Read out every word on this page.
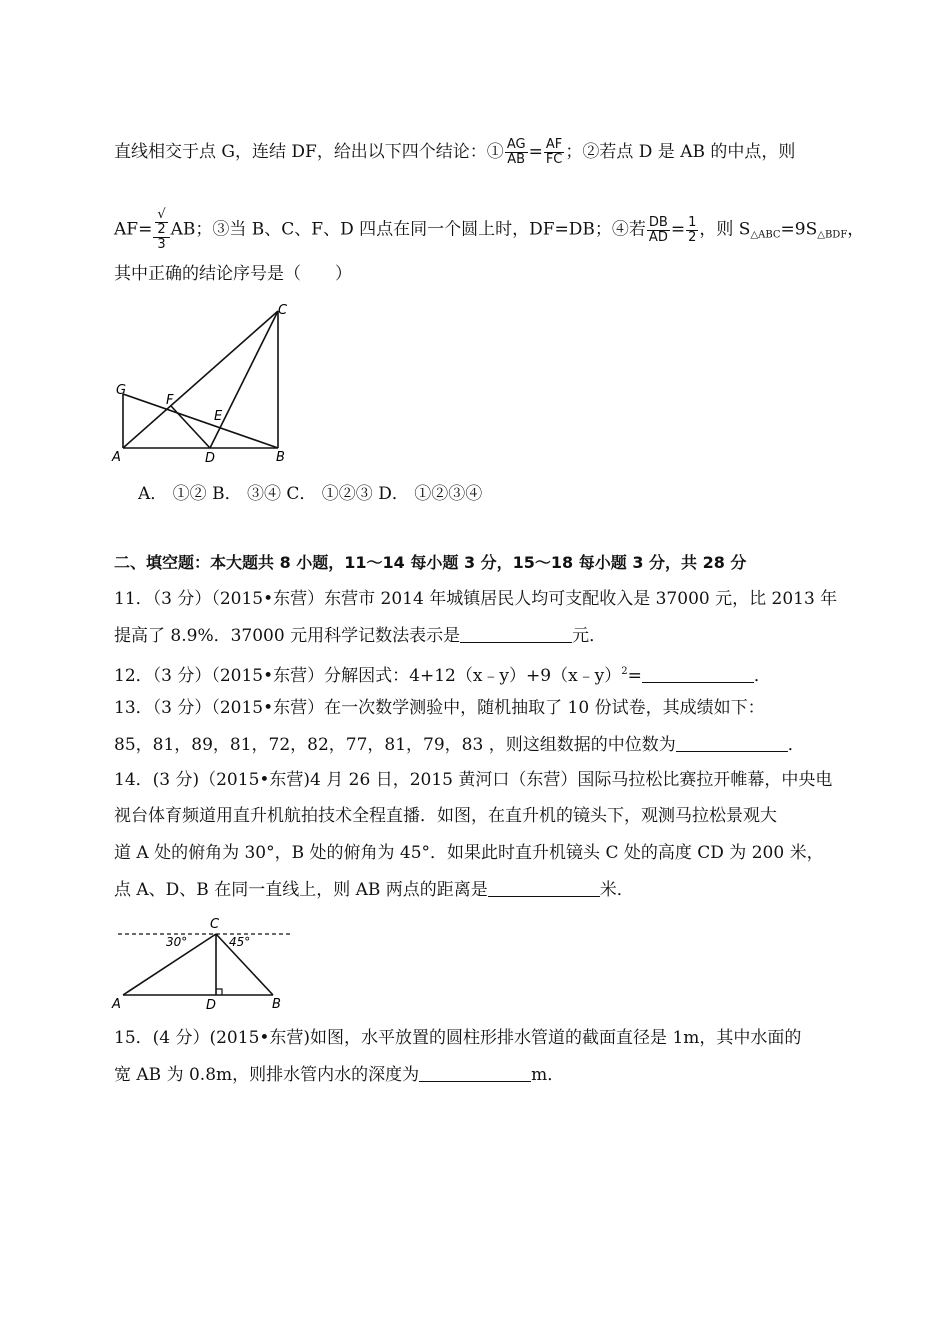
直线相交于点 G，连结 DF，给出以下四个结论：① $\frac{AG}{AB} = \frac{AF}{FC}$ ；②若点 D 是 AB 的中点，则
AF= √
2
3 AB；③当 B、C、F、D 四点在同一个圆上时，DF=DB；④若 $\frac{DB}{AD} = \frac{1}{2}$ ，则 $S_{\triangle ABC}=9S_{\triangle BDF}$，
其中正确的结论序号是（　　）
G
F
E
C
A	D	B
A． ①② B． ③④ C． ①②③ D． ①②③④
二、填空题：本大题共 8 小题，11～14 每小题 3 分，15～18 每小题 3 分，共 28 分
11．（3 分）（2015•东营）东营市 2014 年城镇居民人均可支配收入是 37000 元，比 2013 年
提高了 8.9%．37000 元用科学记数法表示是	元．
12．（3 分）（2015•东营）分解因式：4+12（x﹣y）+9（x﹣y）$^2$=	．
13．（3 分）（2015•东营）在一次数学测验中，随机抽取了 10 份试卷，其成绩如下：
85，81，89，81，72，82，77，81，79，83 ，则这组数据的中位数为	．
14．(3 分)（2015•东营)4 月 26 日，2015 黄河口（东营）国际马拉松比赛拉开帷幕，中央电
视台体育频道用直升机航拍技术全程直播．如图，在直升机的镜头下，观测马拉松景观大
道 A 处的俯角为 30°，B 处的俯角为 45°．如果此时直升机镜头 C 处的高度 CD 为 200 米，
点 A、D、B 在同一直线上，则 AB 两点的距离是	米．
C
30°	45°
A	D	B
15．(4 分）(2015•东营)如图，水平放置的圆柱形排水管道的截面直径是 1m，其中水面的
宽 AB 为 0.8m，则排水管内水的深度为	m．
